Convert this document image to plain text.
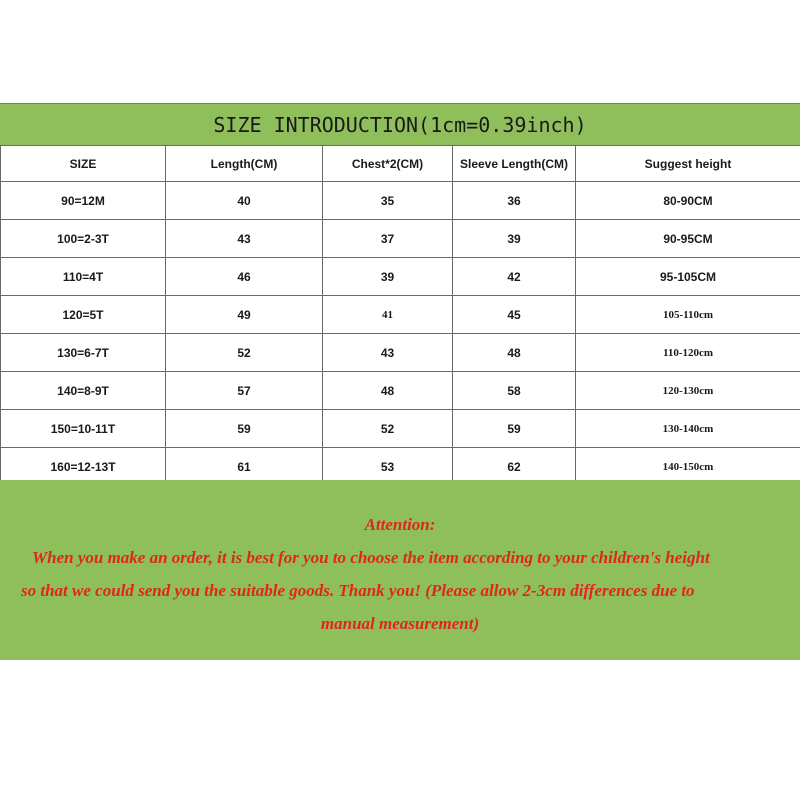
SIZE INTRODUCTION(1cm=0.39inch)
SIZE	Length(CM)	Chest*2(CM)	Sleeve Length(CM)	Suggest height
90=12M	40	35	36	80-90CM
100=2-3T	43	37	39	90-95CM
110=4T	46	39	42	95-105CM
120=5T	49	41	45	105-110cm
130=6-7T	52	43	48	110-120cm
140=8-9T	57	48	58	120-130cm
150=10-11T	59	52	59	130-140cm
160=12-13T	61	53	62	140-150cm
Attention:
When you make an order, it is best for you to choose the item according to your children's height
so that we could send you the suitable goods. Thank you! (Please allow 2-3cm differences due to
manual measurement)
